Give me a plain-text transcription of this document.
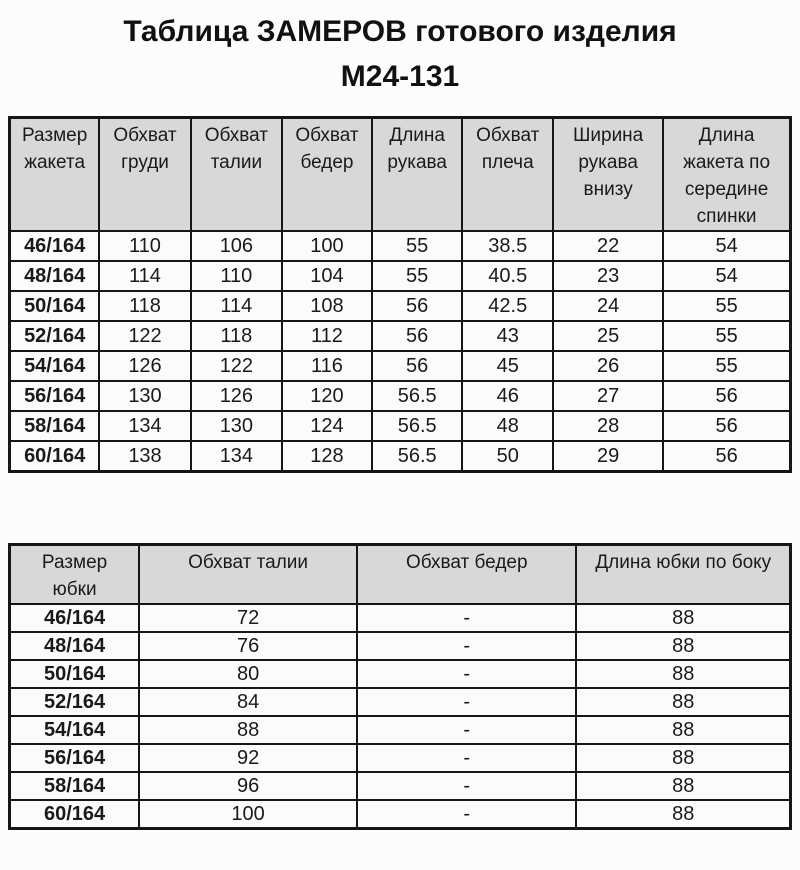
Таблица ЗАМЕРОВ готового изделия
М24-131
Размер жакета	Обхват груди	Обхват талии	Обхват бедер	Длина рукава	Обхват плеча	Ширина рукава внизу	Длина жакета по середине спинки
46/164	110	106	100	55	38.5	22	54
48/164	114	110	104	55	40.5	23	54
50/164	118	114	108	56	42.5	24	55
52/164	122	118	112	56	43	25	55
54/164	126	122	116	56	45	26	55
56/164	130	126	120	56.5	46	27	56
58/164	134	130	124	56.5	48	28	56
60/164	138	134	128	56.5	50	29	56
Размер юбки	Обхват талии	Обхват бедер	Длина юбки по боку
46/164	72	-	88
48/164	76	-	88
50/164	80	-	88
52/164	84	-	88
54/164	88	-	88
56/164	92	-	88
58/164	96	-	88
60/164	100	-	88
